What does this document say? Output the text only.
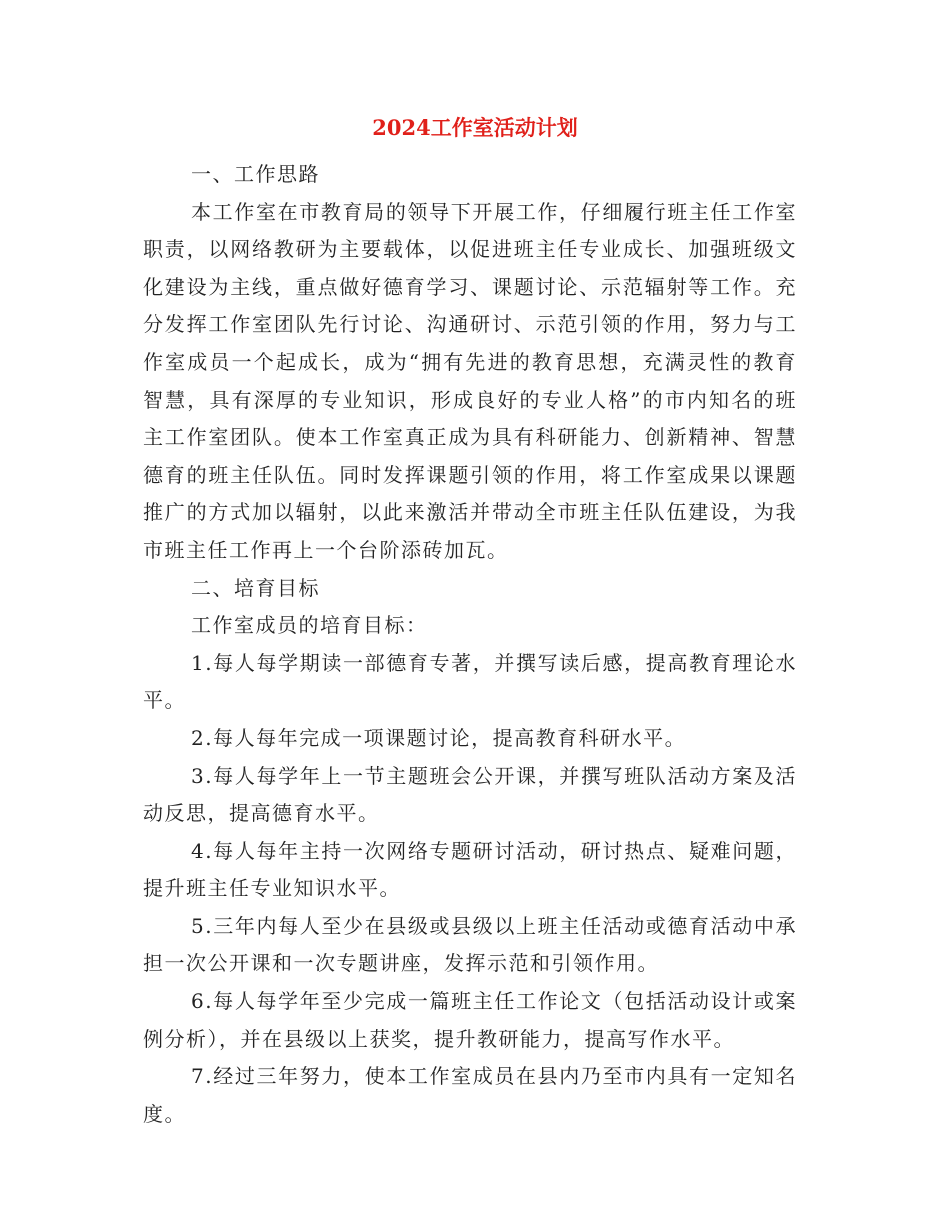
2024工作室活动计划

一、工作思路

本工作室在市教育局的领导下开展工作，仔细履行班主任工作室职责，以网络教研为主要载体，以促进班主任专业成长、加强班级文化建设为主线，重点做好德育学习、课题讨论、示范辐射等工作。充分发挥工作室团队先行讨论、沟通研讨、示范引领的作用，努力与工作室成员一个起成长，成为“拥有先进的教育思想，充满灵性的教育智慧，具有深厚的专业知识，形成良好的专业人格”的市内知名的班主工作室团队。使本工作室真正成为具有科研能力、创新精神、智慧德育的班主任队伍。同时发挥课题引领的作用，将工作室成果以课题推广的方式加以辐射，以此来激活并带动全市班主任队伍建设，为我市班主任工作再上一个台阶添砖加瓦。

二、培育目标

工作室成员的培育目标：

1.每人每学期读一部德育专著，并撰写读后感，提高教育理论水平。

2.每人每年完成一项课题讨论，提高教育科研水平。

3.每人每学年上一节主题班会公开课，并撰写班队活动方案及活动反思，提高德育水平。

4.每人每年主持一次网络专题研讨活动，研讨热点、疑难问题，提升班主任专业知识水平。

5.三年内每人至少在县级或县级以上班主任活动或德育活动中承担一次公开课和一次专题讲座，发挥示范和引领作用。

6.每人每学年至少完成一篇班主任工作论文（包括活动设计或案例分析），并在县级以上获奖，提升教研能力，提高写作水平。

7.经过三年努力，使本工作室成员在县内乃至市内具有一定知名度。
